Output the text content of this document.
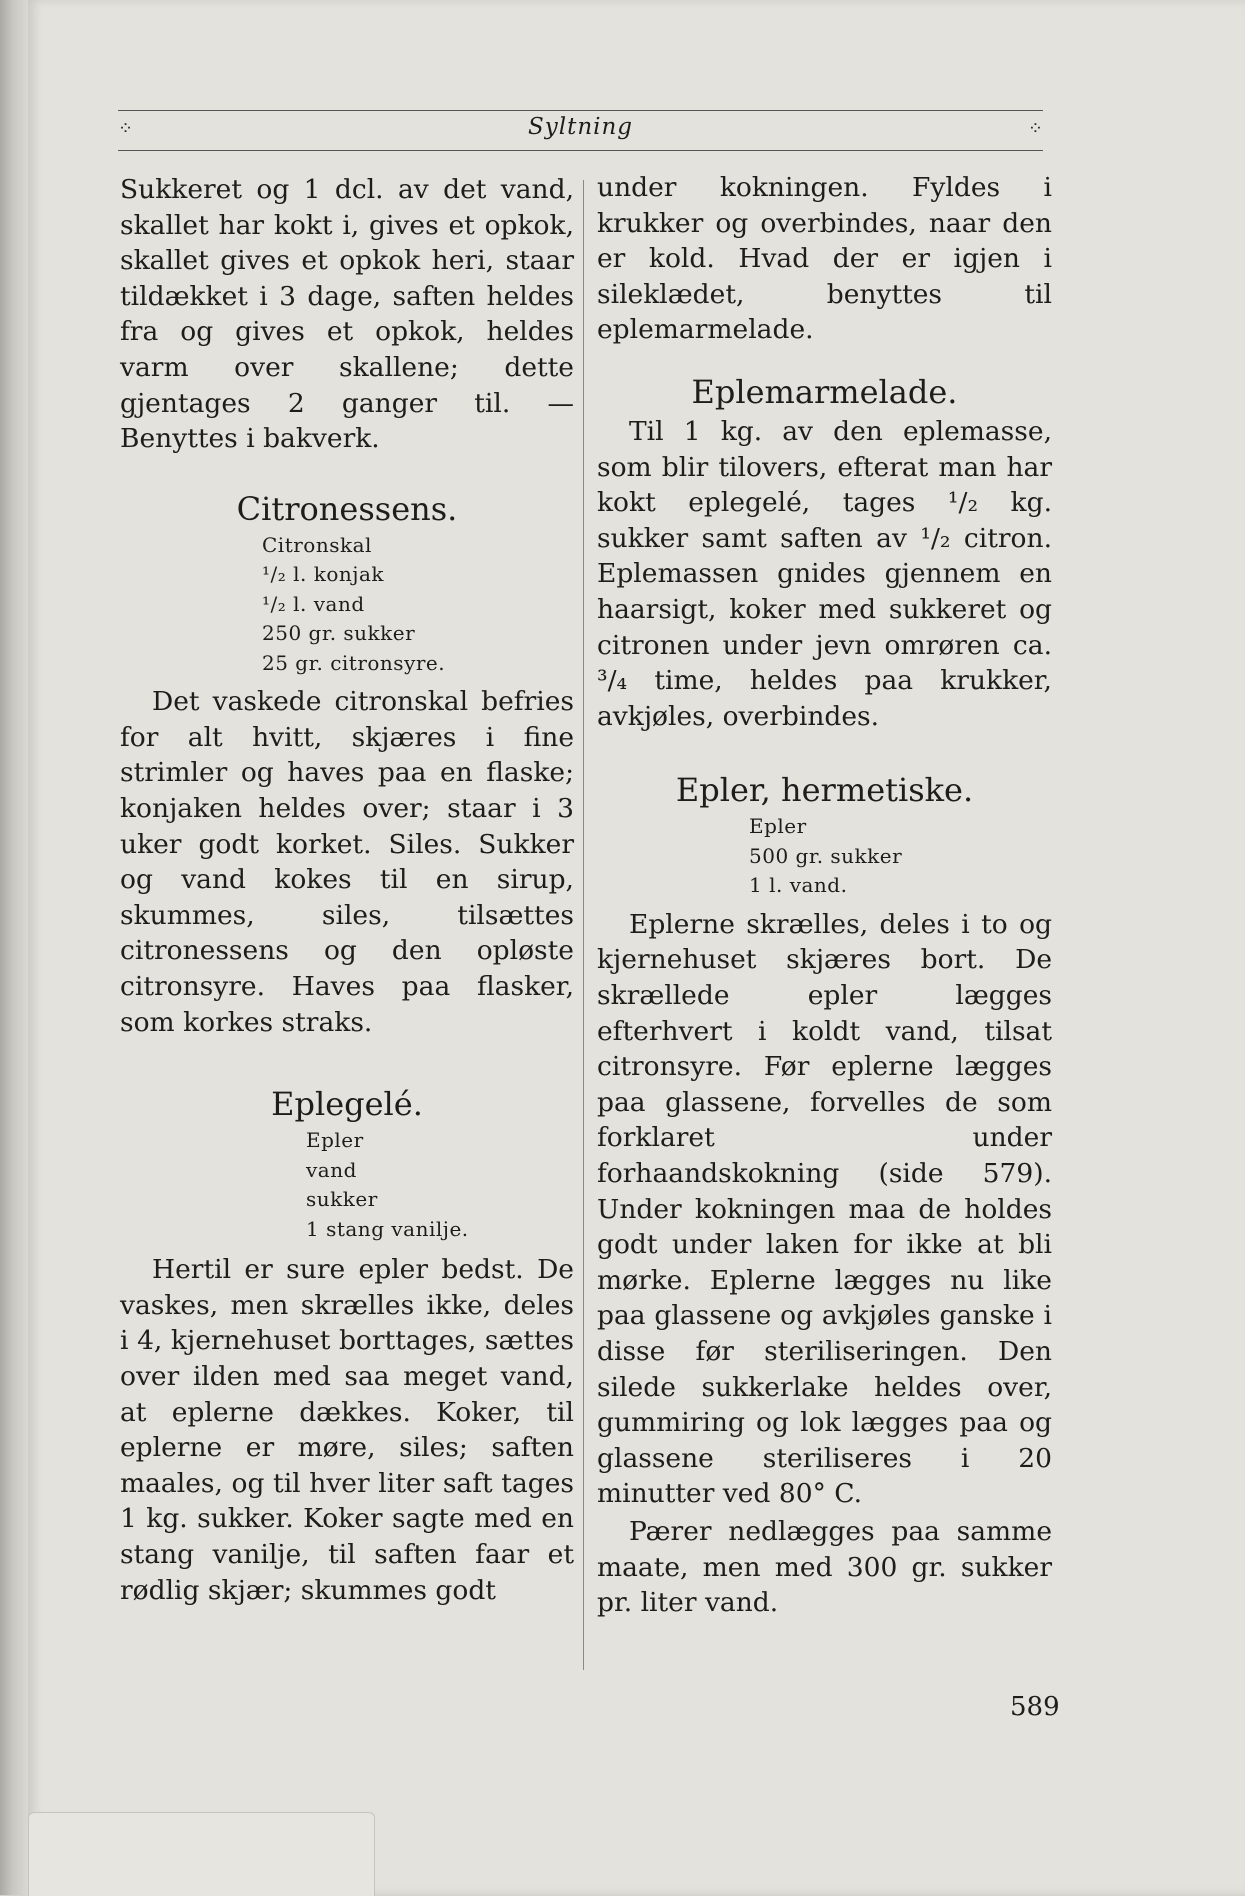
⁘	Syltning	⁘

Sukkeret og 1 dcl. av det vand, skallet har kokt i, gives et opkok, skallet gives et opkok heri, staar tildækket i 3 dage, saften heldes fra og gives et opkok, heldes varm over skallene; dette gjentages 2 ganger til. — Benyttes i bakverk.

Citronessens.
Citronskal
¹/₂ l. konjak
¹/₂ l. vand
250 gr. sukker
25 gr. citronsyre.

Det vaskede citronskal befries for alt hvitt, skjæres i fine strimler og haves paa en flaske; konjaken heldes over; staar i 3 uker godt korket. Siles. Sukker og vand kokes til en sirup, skummes, siles, tilsættes citronessens og den opløste citronsyre. Haves paa flasker, som korkes straks.

Eplegelé.
Epler
vand
sukker
1 stang vanilje.

Hertil er sure epler bedst. De vaskes, men skrælles ikke, deles i 4, kjernehuset borttages, sættes over ilden med saa meget vand, at eplerne dækkes. Koker, til eplerne er møre, siles; saften maales, og til hver liter saft tages 1 kg. sukker. Koker sagte med en stang vanilje, til saften faar et rødlig skjær; skummes godt

under kokningen. Fyldes i krukker og overbindes, naar den er kold. Hvad der er igjen i sileklædet, benyttes til eplemarmelade.

Eplemarmelade.

Til 1 kg. av den eplemasse, som blir tilovers, efterat man har kokt eplegelé, tages ¹/₂ kg. sukker samt saften av ¹/₂ citron. Eplemassen gnides gjennem en haarsigt, koker med sukkeret og citronen under jevn omrøren ca. ³/₄ time, heldes paa krukker, avkjøles, overbindes.

Epler, hermetiske.
Epler
500 gr. sukker
1 l. vand.

Eplerne skrælles, deles i to og kjernehuset skjæres bort. De skrællede epler lægges efterhvert i koldt vand, tilsat citronsyre. Før eplerne lægges paa glassene, forvelles de som forklaret under forhaandskokning (side 579). Under kokningen maa de holdes godt under laken for ikke at bli mørke. Eplerne lægges nu like paa glassene og avkjøles ganske i disse før steriliseringen. Den silede sukkerlake heldes over, gummiring og lok lægges paa og glassene steriliseres i 20 minutter ved 80° C.

Pærer nedlægges paa samme maate, men med 300 gr. sukker pr. liter vand.

589
